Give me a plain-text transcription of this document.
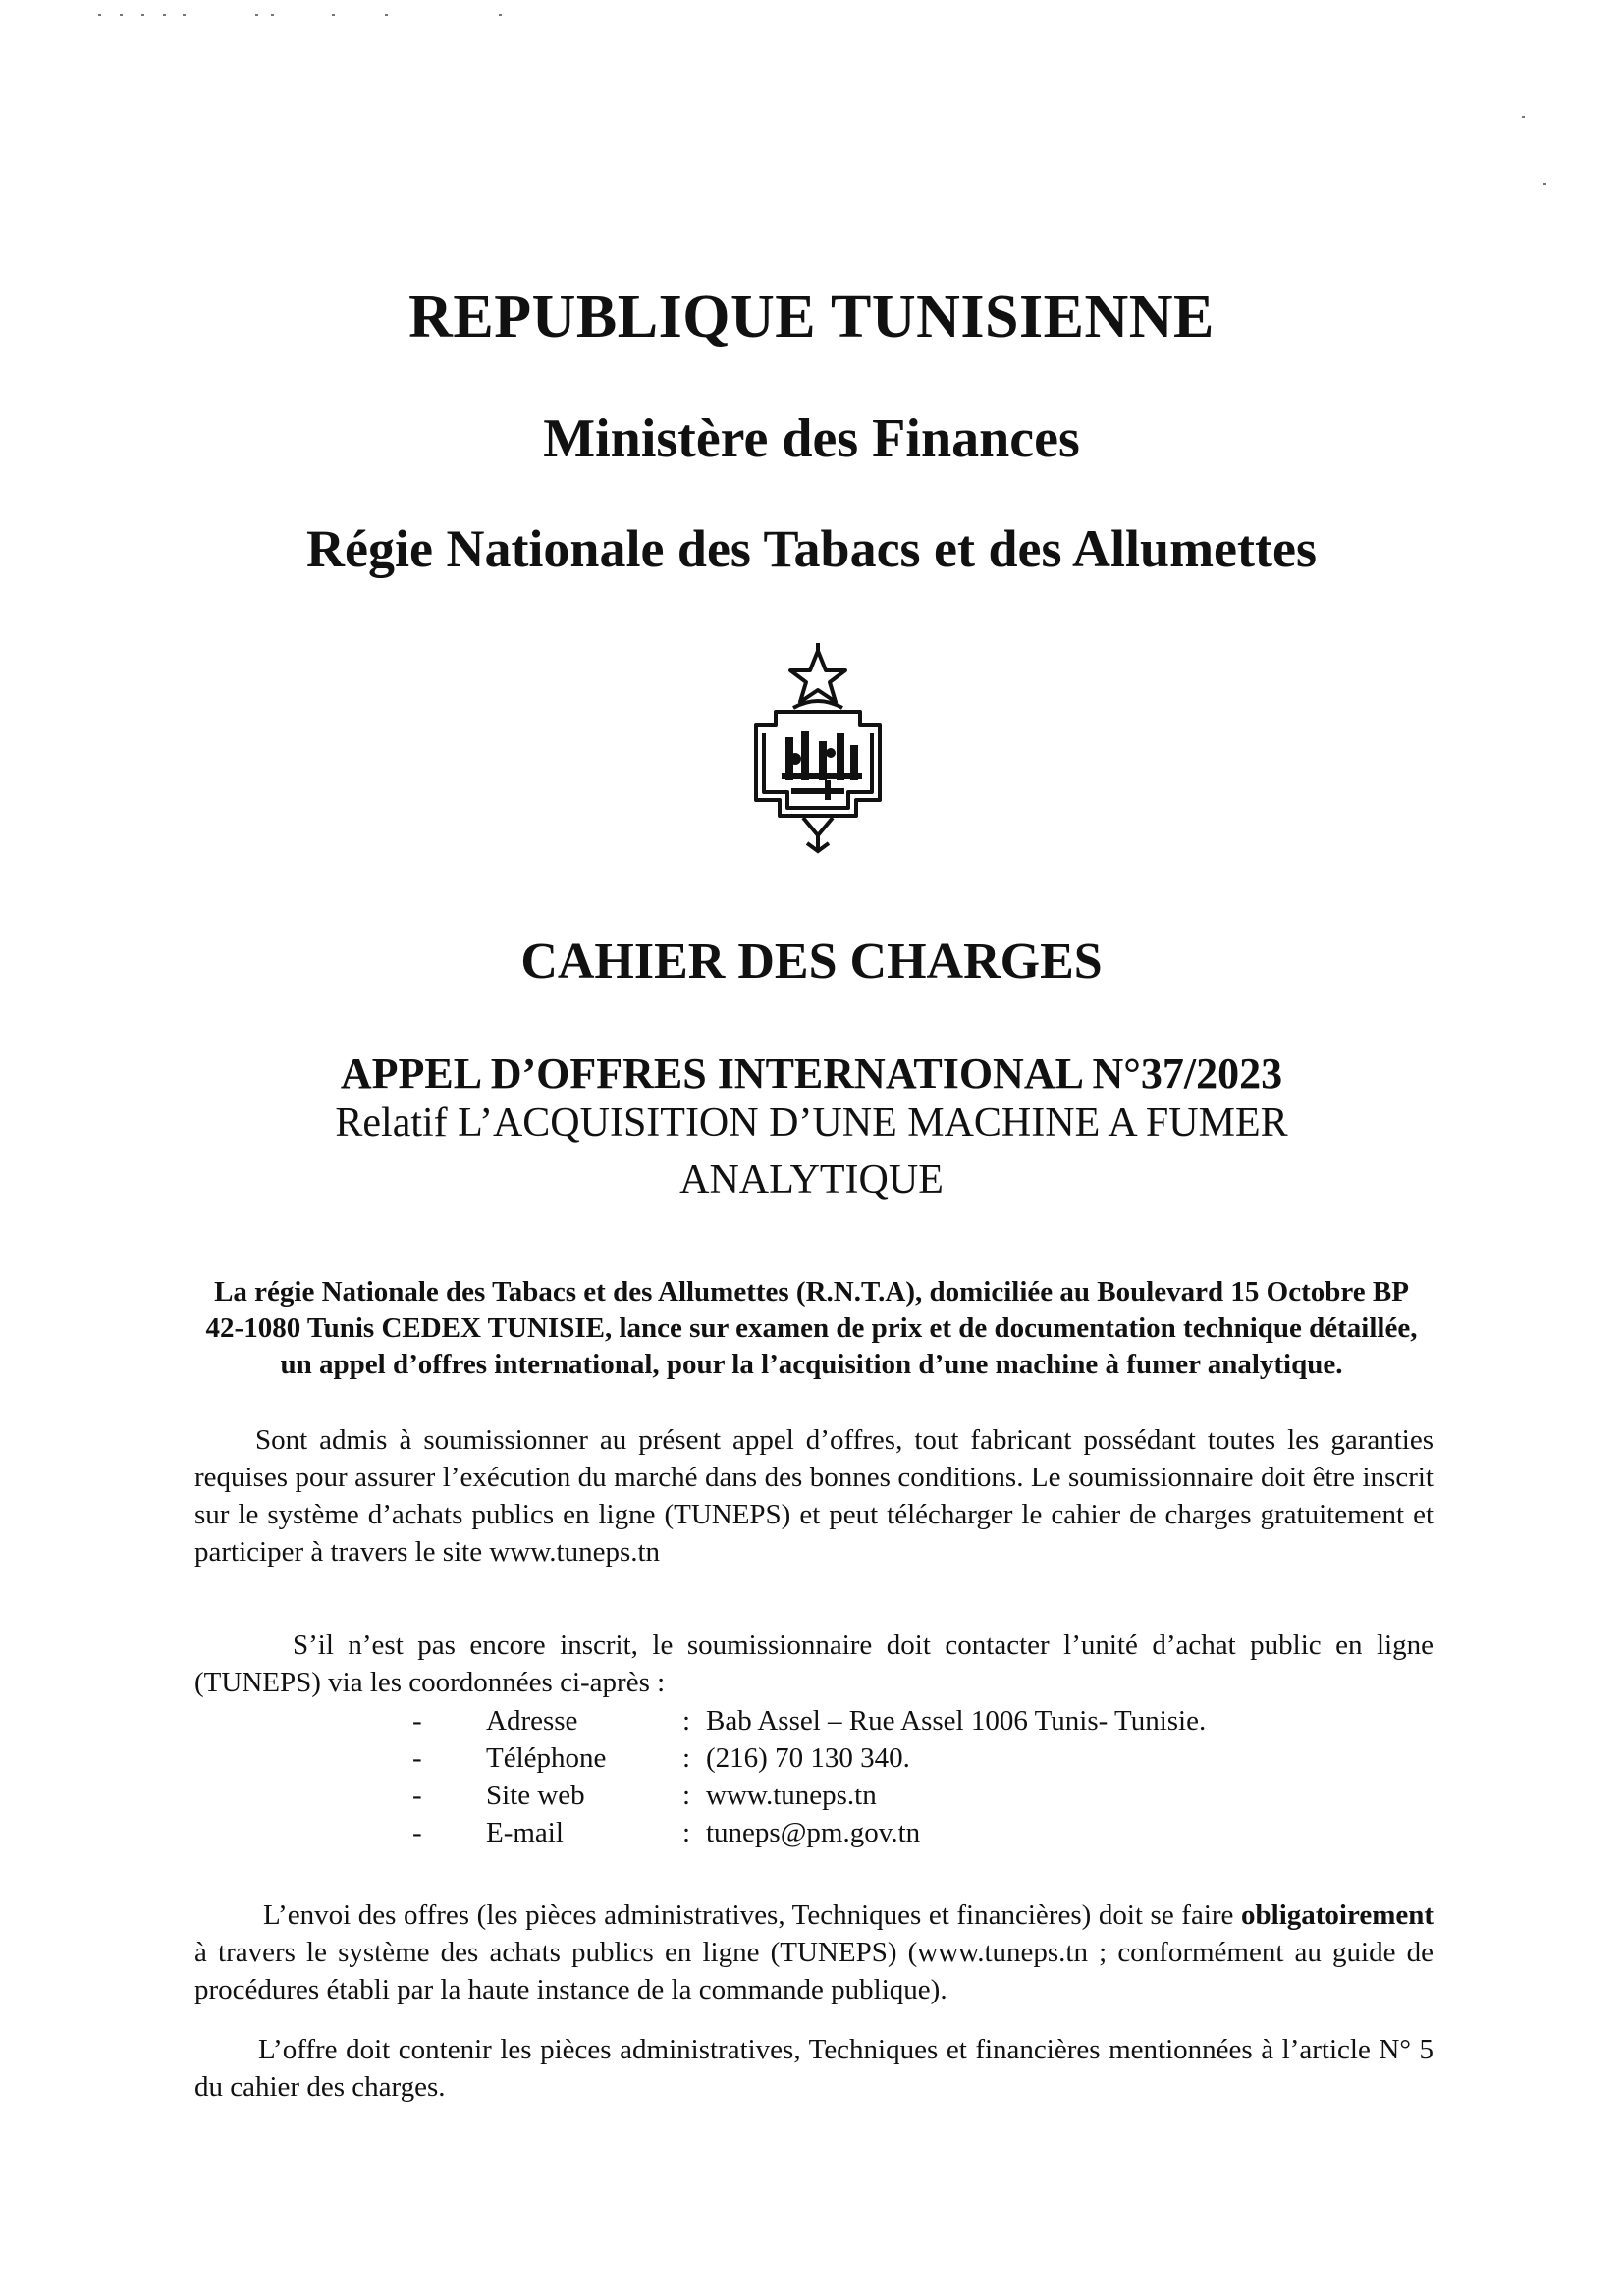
REPUBLIQUE TUNISIENNE
Ministère des Finances
Régie Nationale des Tabacs et des Allumettes
CAHIER DES CHARGES
APPEL D’OFFRES INTERNATIONAL N°37/2023
Relatif L’ACQUISITION D’UNE MACHINE A FUMER
ANALYTIQUE
La régie Nationale des Tabacs et des Allumettes (R.N.T.A), domiciliée au Boulevard 15 Octobre BP 42-1080 Tunis CEDEX TUNISIE, lance sur examen de prix et de documentation technique détaillée, un appel d’offres international, pour la l’acquisition d’une machine à fumer analytique.
Sont admis à soumissionner au présent appel d’offres, tout fabricant possédant toutes les garanties requises pour assurer l’exécution du marché dans des bonnes conditions. Le soumissionnaire doit être inscrit sur le système d’achats publics en ligne (TUNEPS) et peut télécharger le cahier de charges gratuitement et participer à travers le site www.tuneps.tn
S’il n’est pas encore inscrit, le soumissionnaire doit contacter l’unité d’achat public en ligne (TUNEPS) via les coordonnées ci-après :
-	Adresse	: Bab Assel – Rue Assel 1006 Tunis- Tunisie.
-	Téléphone	: (216) 70 130 340.
-	Site web	: www.tuneps.tn
-	E-mail	: tuneps@pm.gov.tn
L’envoi des offres (les pièces administratives, Techniques et financières) doit se faire obligatoirement à travers le système des achats publics en ligne (TUNEPS) (www.tuneps.tn ; conformément au guide de procédures établi par la haute instance de la commande publique).
L’offre doit contenir les pièces administratives, Techniques et financières mentionnées à l’article N° 5 du cahier des charges.
